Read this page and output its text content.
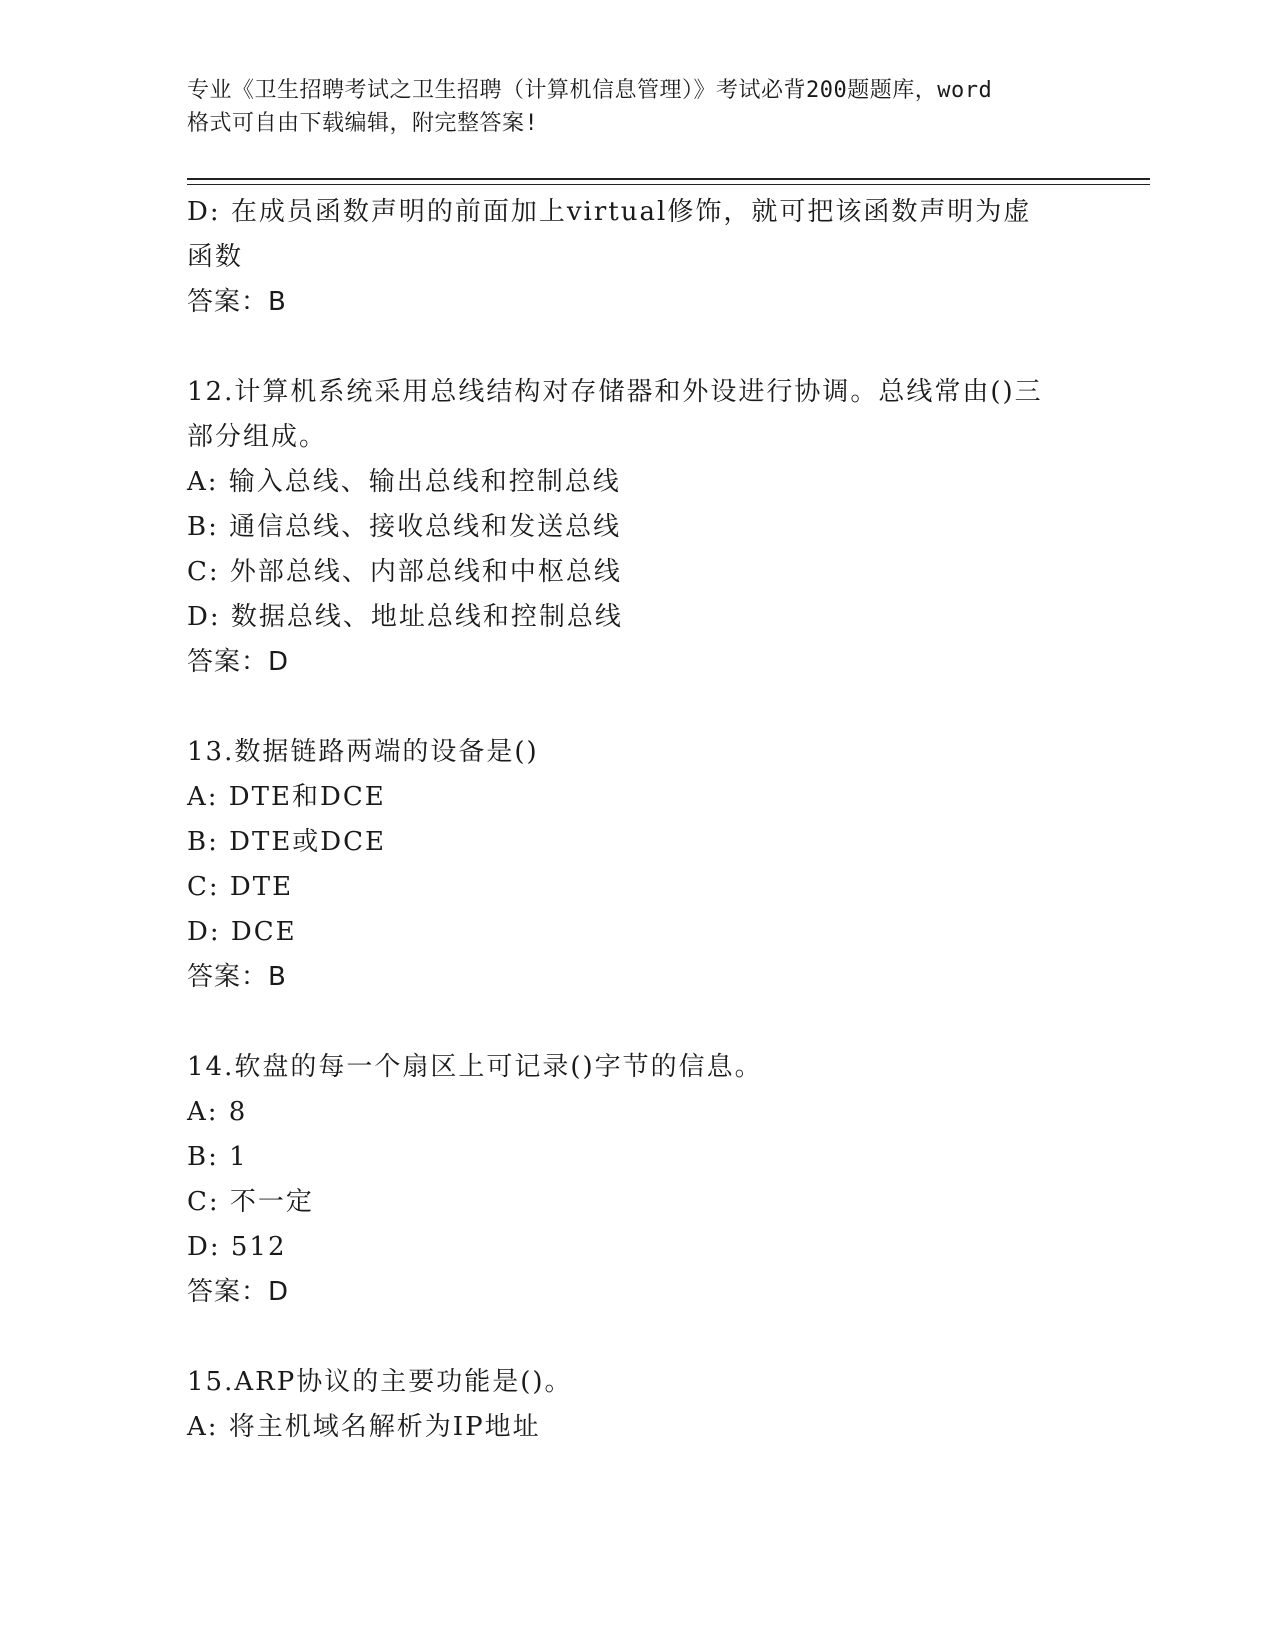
专业《卫生招聘考试之卫生招聘（计算机信息管理）》考试必背200题题库，word
格式可自由下载编辑，附完整答案!
D: 在成员函数声明的前面加上virtual修饰，就可把该函数声明为虚
函数
答案：B
12.计算机系统采用总线结构对存储器和外设进行协调。总线常由()三
部分组成。
A: 输入总线、输出总线和控制总线
B: 通信总线、接收总线和发送总线
C: 外部总线、内部总线和中枢总线
D: 数据总线、地址总线和控制总线
答案：D
13.数据链路两端的设备是()
A: DTE和DCE
B: DTE或DCE
C: DTE
D: DCE
答案：B
14.软盘的每一个扇区上可记录()字节的信息。
A: 8
B: 1
C: 不一定
D: 512
答案：D
15.ARP协议的主要功能是()。
A: 将主机域名解析为IP地址
